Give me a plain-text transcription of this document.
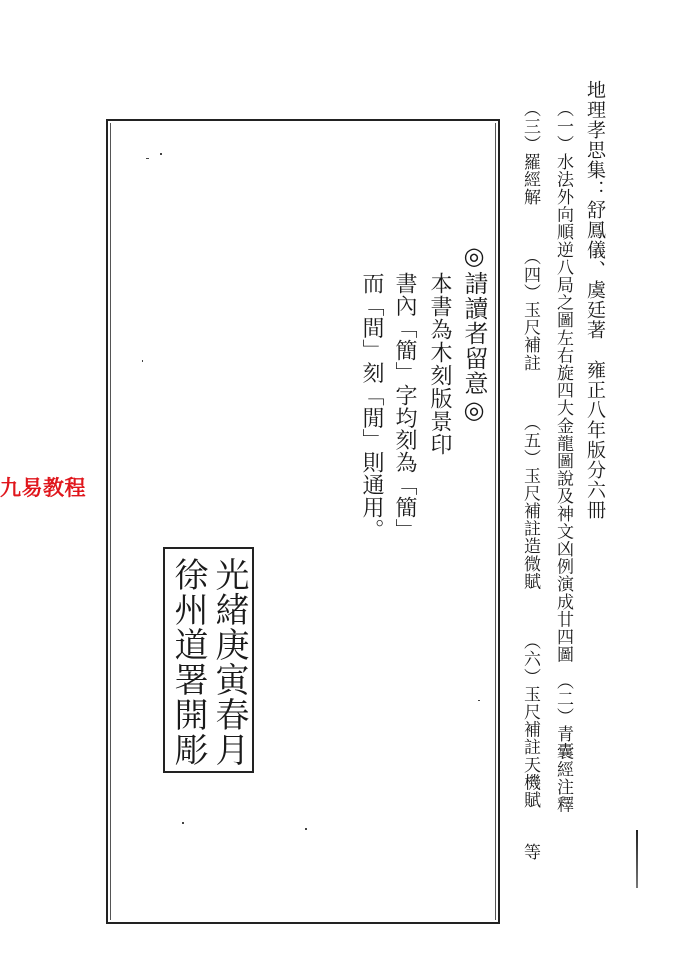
地理孝思集：舒鳳儀、虞廷著　雍正八年版分六冊
（一）水法外向順逆八局之圖左右旋四大金龍圖說及神文凶例演成廿四圖　（二）青囊經注釋
（三）羅經解 （四）玉尺補註 （五）玉尺補註造微賦 （六）玉尺補註天機賦 等
◎請讀者留意◎
本書為木刻版景印
書內「簡」字均刻為「簡」
而「間」刻「閒」則通用。
光緒庚寅春月
徐州道署開彫
九易教程
